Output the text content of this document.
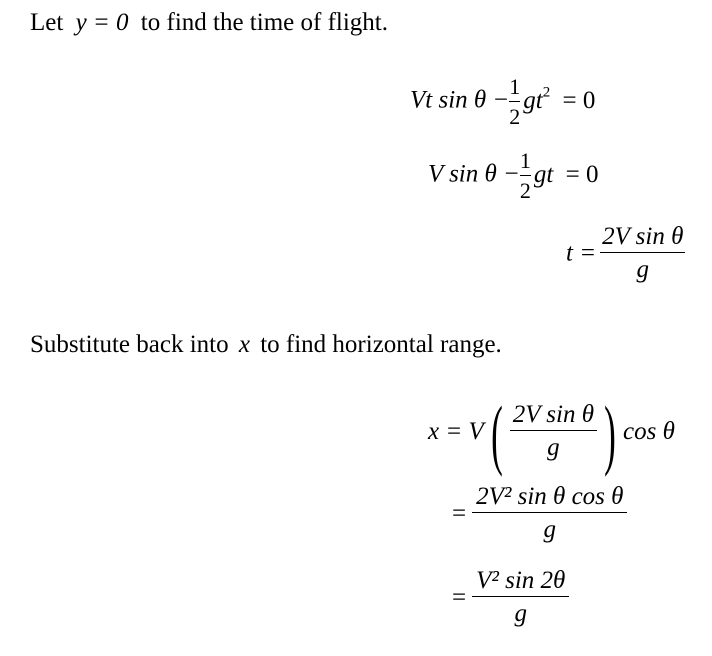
Let y = 0 to find the time of flight.
Vt $\sin \theta - \frac{1}{2} gt^2 = 0$
V $\sin \theta - \frac{1}{2}$ gt = 0
$t = \frac{\text{2V sin θ}}{g}$
Substitute back into x to find horizontal range.
x = V ( $\frac{\text{2V sin θ}}{g}$ ) cos θ
= $\frac{\text{2V² sin θ cos θ}}{g}$
= $\frac{\text{V² sin 2θ}}{g}$
